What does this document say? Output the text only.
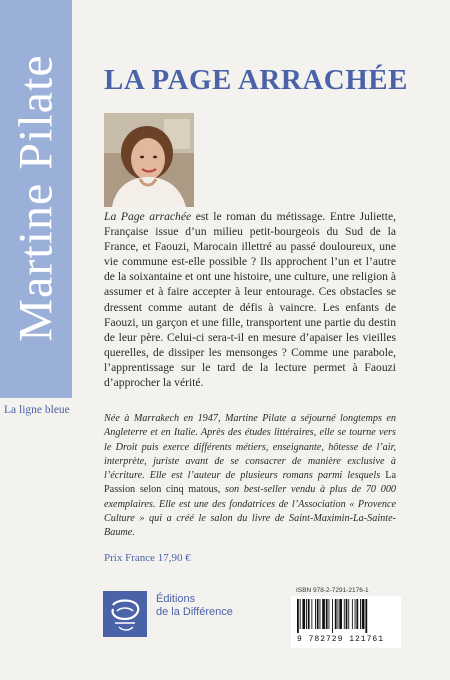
Martine Pilate
La ligne bleue
LA PAGE ARRACHÉE
La Page arrachée est le roman du métissage. Entre Juliette, Française issue d’un milieu petit-bourgeois du Sud de la France, et Faouzi, Marocain illettré au passé douloureux, une vie commune est-elle possible ? Ils approchent l’un et l’autre de la soixantaine et ont une histoire, une culture, une religion à assumer et à faire accepter à leur entourage. Ces obstacles se dressent comme autant de défis à vaincre. Les enfants de Faouzi, un garçon et une fille, transportent une partie du destin de leur père. Celui-ci sera-t-il en mesure d’apaiser les vieilles querelles, de dissiper les mensonges ? Comme une parabole, l’apprentissage sur le tard de la lecture permet à Faouzi d’approcher la vérité.
Née à Marrakech en 1947, Martine Pilate a séjourné longtemps en Angleterre et en Italie. Après des études littéraires, elle se tourne vers le Droit puis exerce différents métiers, enseignante, hôtesse de l’air, interprète, juriste avant de se consacrer de manière exclusive à l’écriture. Elle est l’auteur de plusieurs romans parmi lesquels La Passion selon cinq matous, son best-seller vendu à plus de 70 000 exemplaires. Elle est une des fondatrices de l’Association « Provence Culture » qui a créé le salon du livre de Saint-Maximin-La-Sainte-Baume.
Prix France 17,90 €
Éditions
de la Différence
ISBN 978-2-7291-2176-1
9 782729 121761
